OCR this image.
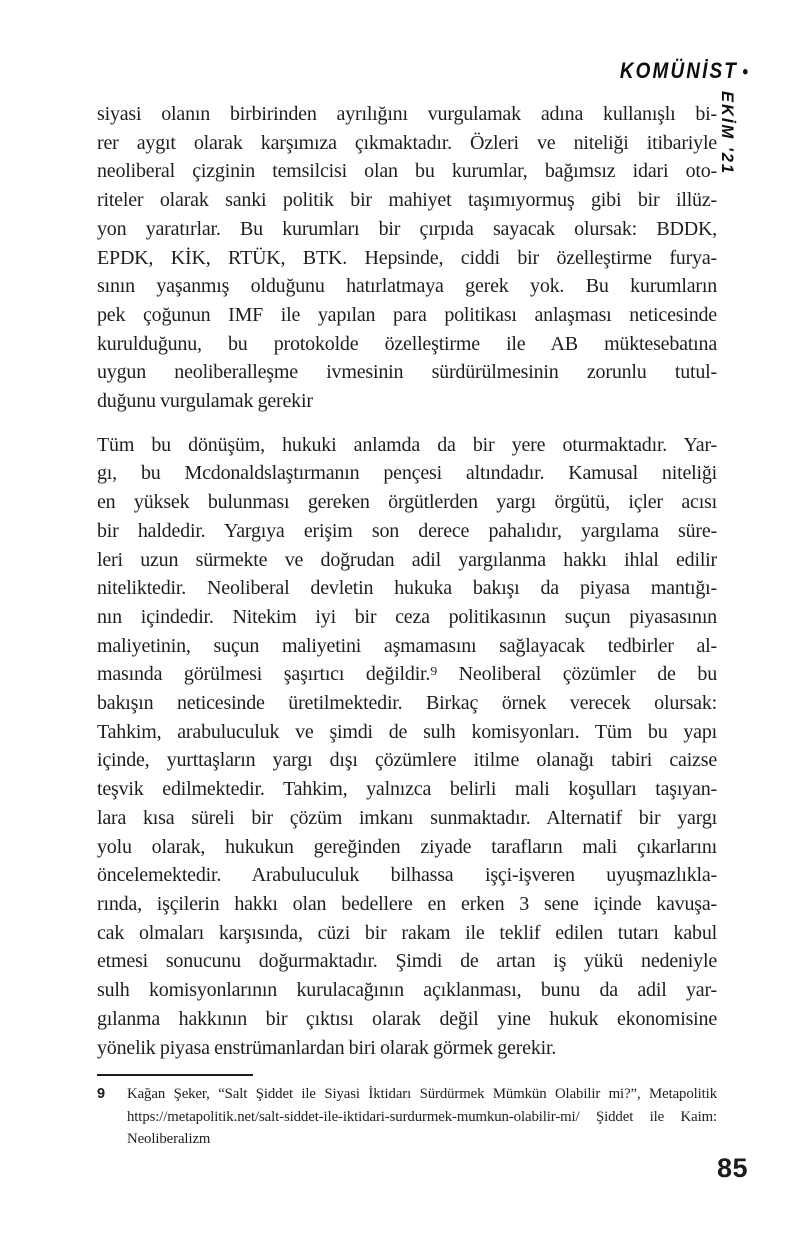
KOMÜNİST •
EKİM '21
siyasi olanın birbirinden ayrılığını vurgulamak adına kullanışlı bi-
rer aygıt olarak karşımıza çıkmaktadır. Özleri ve niteliği itibariyle
neoliberal çizginin temsilcisi olan bu kurumlar, bağımsız idari oto-
riteler olarak sanki politik bir mahiyet taşımıyormuş gibi bir illüz-
yon yaratırlar. Bu kurumları bir çırpıda sayacak olursak: BDDK,
EPDK, KİK, RTÜK, BTK. Hepsinde, ciddi bir özelleştirme furya-
sının yaşanmış olduğunu hatırlatmaya gerek yok. Bu kurumların
pek çoğunun IMF ile yapılan para politikası anlaşması neticesinde
kurulduğunu, bu protokolde özelleştirme ile AB müktesebatına
uygun neoliberalleşme ivmesinin sürdürülmesinin zorunlu tutul-
duğunu vurgulamak gerekir
Tüm bu dönüşüm, hukuki anlamda da bir yere oturmaktadır. Yar-
gı, bu Mcdonaldslaştırmanın pençesi altındadır. Kamusal niteliği
en yüksek bulunması gereken örgütlerden yargı örgütü, içler acısı
bir haldedir. Yargıya erişim son derece pahalıdır, yargılama süre-
leri uzun sürmekte ve doğrudan adil yargılanma hakkı ihlal edilir
niteliktedir. Neoliberal devletin hukuka bakışı da piyasa mantığı-
nın içindedir. Nitekim iyi bir ceza politikasının suçun piyasasının
maliyetinin, suçun maliyetini aşmamasını sağlayacak tedbirler al-
masında görülmesi şaşırtıcı değildir.⁹ Neoliberal çözümler de bu
bakışın neticesinde üretilmektedir. Birkaç örnek verecek olursak:
Tahkim, arabuluculuk ve şimdi de sulh komisyonları. Tüm bu yapı
içinde, yurttaşların yargı dışı çözümlere itilme olanağı tabiri caizse
teşvik edilmektedir. Tahkim, yalnızca belirli mali koşulları taşıyan-
lara kısa süreli bir çözüm imkanı sunmaktadır. Alternatif bir yargı
yolu olarak, hukukun gereğinden ziyade tarafların mali çıkarlarını
öncelemektedir. Arabuluculuk bilhassa işçi-işveren uyuşmazlıkla-
rında, işçilerin hakkı olan bedellere en erken 3 sene içinde kavuşa-
cak olmaları karşısında, cüzi bir rakam ile teklif edilen tutarı kabul
etmesi sonucunu doğurmaktadır. Şimdi de artan iş yükü nedeniyle
sulh komisyonlarının kurulacağının açıklanması, bunu da adil yar-
gılanma hakkının bir çıktısı olarak değil yine hukuk ekonomisine
yönelik piyasa enstrümanlardan biri olarak görmek gerekir.
9	Kağan Şeker, “Salt Şiddet ile Siyasi İktidarı Sürdürmek Mümkün Olabilir mi?”, Metapolitik https://metapolitik.net/salt-siddet-ile-iktidari-surdurmek-mumkun-olabilir-mi/ Şiddet ile Kaim: Neoliberalizm
85
